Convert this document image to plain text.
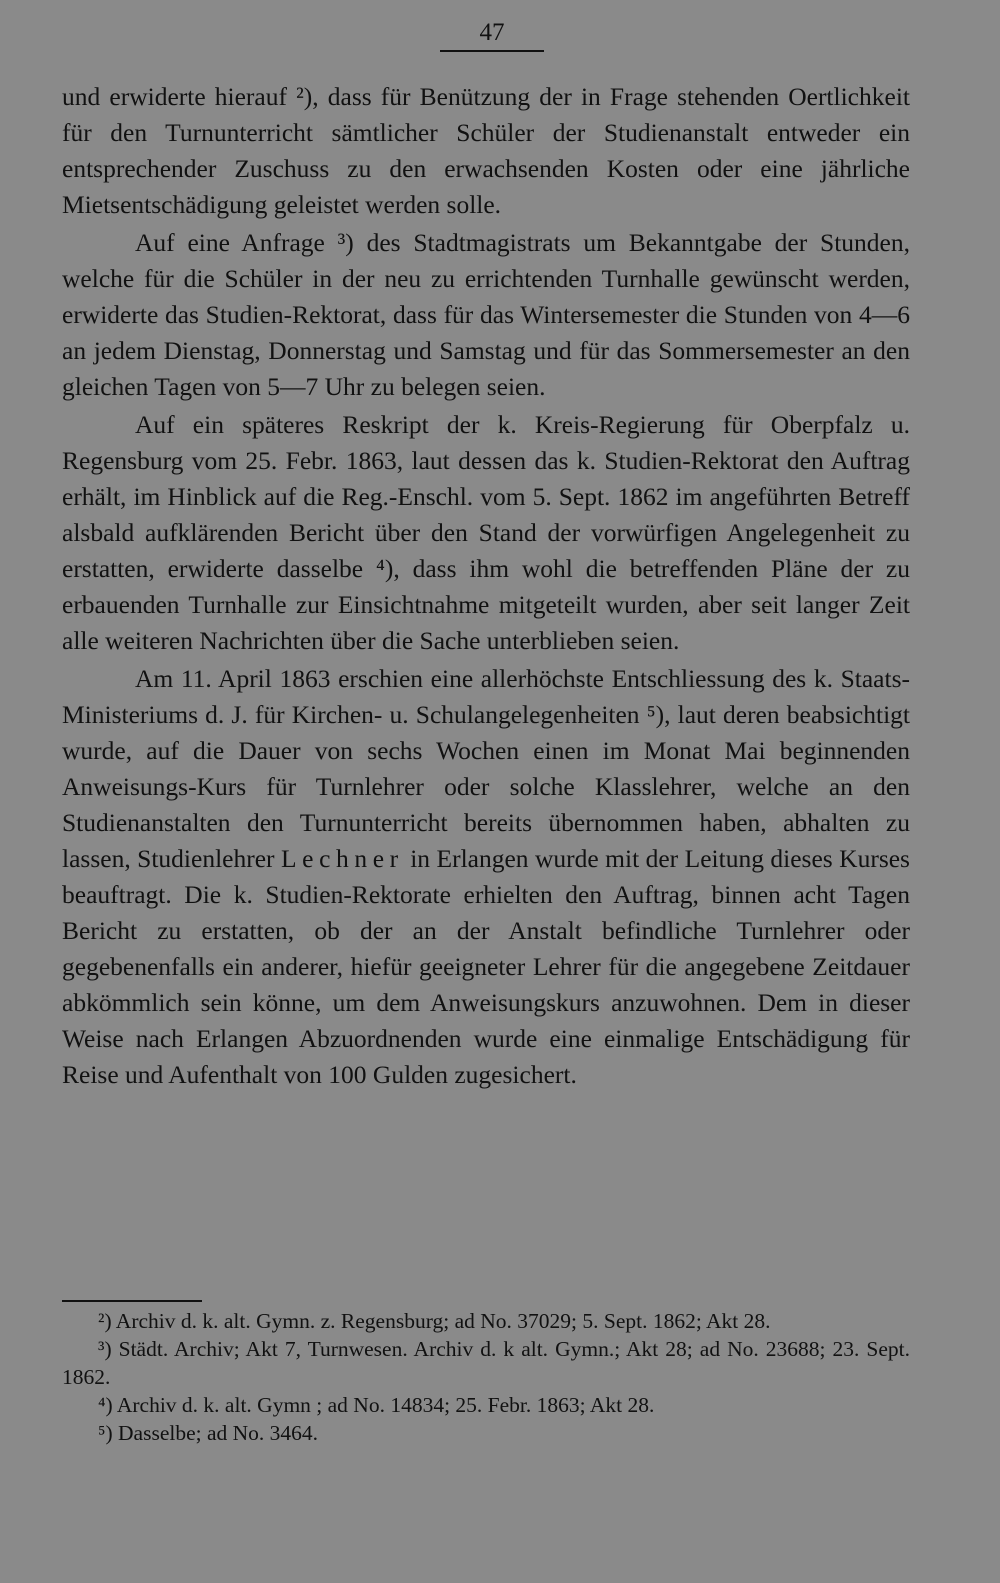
47

und erwiderte hierauf ²), dass für Benützung der in Frage stehenden Oertlichkeit für den Turnunterricht sämtlicher Schüler der Studienanstalt entweder ein entsprechender Zuschuss zu den erwachsenden Kosten oder eine jährliche Mietsentschädigung geleistet werden solle.

Auf eine Anfrage ³) des Stadtmagistrats um Bekanntgabe der Stunden, welche für die Schüler in der neu zu errichtenden Turnhalle gewünscht werden, erwiderte das Studien-Rektorat, dass für das Wintersemester die Stunden von 4—6 an jedem Dienstag, Donnerstag und Samstag und für das Sommersemester an den gleichen Tagen von 5—7 Uhr zu belegen seien.

Auf ein späteres Reskript der k. Kreis-Regierung für Oberpfalz u. Regensburg vom 25. Febr. 1863, laut dessen das k. Studien-Rektorat den Auftrag erhält, im Hinblick auf die Reg.-Enschl. vom 5. Sept. 1862 im angeführten Betreff alsbald aufklärenden Bericht über den Stand der vorwürfigen Angelegenheit zu erstatten, erwiderte dasselbe ⁴), dass ihm wohl die betreffenden Pläne der zu erbauenden Turnhalle zur Einsichtnahme mitgeteilt wurden, aber seit langer Zeit alle weiteren Nachrichten über die Sache unterblieben seien.

Am 11. April 1863 erschien eine allerhöchste Entschliessung des k. Staats-Ministeriums d. J. für Kirchen- u. Schulangelegenheiten ⁵), laut deren beabsichtigt wurde, auf die Dauer von sechs Wochen einen im Monat Mai beginnenden Anweisungs-Kurs für Turnlehrer oder solche Klasslehrer, welche an den Studienanstalten den Turnunterricht bereits übernommen haben, abhalten zu lassen, Studienlehrer Lechner in Erlangen wurde mit der Leitung dieses Kurses beauftragt. Die k. Studien-Rektorate erhielten den Auftrag, binnen acht Tagen Bericht zu erstatten, ob der an der Anstalt befindliche Turnlehrer oder gegebenenfalls ein anderer, hiefür geeigneter Lehrer für die angegebene Zeitdauer abkömmlich sein könne, um dem Anweisungskurs anzuwohnen. Dem in dieser Weise nach Erlangen Abzuordnenden wurde eine einmalige Entschädigung für Reise und Aufenthalt von 100 Gulden zugesichert.

²) Archiv d. k. alt. Gymn. z. Regensburg; ad No. 37029; 5. Sept. 1862; Akt 28.

³) Städt. Archiv; Akt 7, Turnwesen. Archiv d. k alt. Gymn.; Akt 28; ad No. 23688; 23. Sept. 1862.

⁴) Archiv d. k. alt. Gymn ; ad No. 14834; 25. Febr. 1863; Akt 28.

⁵) Dasselbe; ad No. 3464.
